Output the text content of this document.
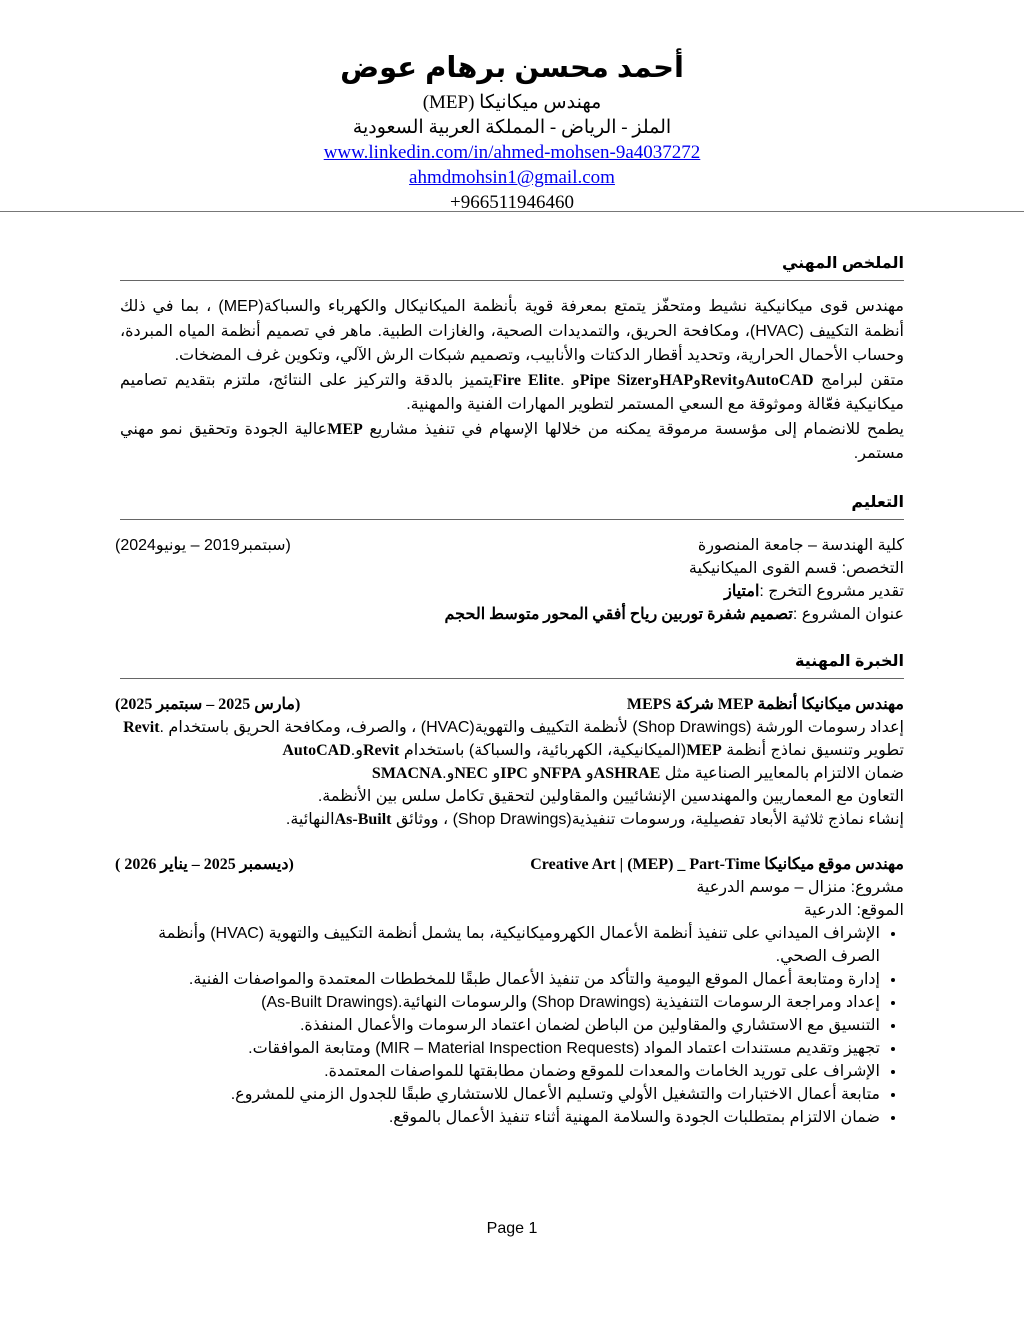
أحمد محسن برهام عوض
مهندس ميكانيكا (MEP)
الملز - الرياض - المملكة العربية السعودية
www.linkedin.com/in/ahmed-mohsen-9a4037272
ahmdmohsin1@gmail.com
+966511946460
الملخص المهني
مهندس قوى ميكانيكية نشيط ومتحفّز يتمتع بمعرفة قوية بأنظمة الميكانيكال والكهرباء والسباكة(MEP) ، بما في ذلك أنظمة التكييف (HVAC)، ومكافحة الحريق، والتمديدات الصحية، والغازات الطبية. ماهر في تصميم أنظمة المياه المبردة، وحساب الأحمال الحرارية، وتحديد أقطار الدكتات والأنابيب، وتصميم شبكات الرش الآلي، وتكوين غرف المضخات.
متقن لبرامج AutoCADوRevitوHAPوPipe Sizerو .Fire Eliteيتميز بالدقة والتركيز على النتائج، ملتزم بتقديم تصاميم ميكانيكية فعّالة وموثوقة مع السعي المستمر لتطوير المهارات الفنية والمهنية.
يطمح للانضمام إلى مؤسسة مرموقة يمكنه من خلالها الإسهام في تنفيذ مشاريع MEPعالية الجودة وتحقيق نمو مهني مستمر.
التعليم
كلية الهندسة – جامعة المنصورة
(سبتمبر2019 – يونيو2024)
التخصص: قسم القوى الميكانيكية
تقدير مشروع التخرج :امتياز
عنوان المشروع :تصميم شفرة توربين رياح أفقي المحور متوسط الحجم
الخبرة المهنية
مهندس ميكانيكا أنظمة MEP شركة MEPS
(مارس 2025 – سبتمبر 2025)
إعداد رسومات الورشة (Shop Drawings) لأنظمة التكييف والتهوية(HVAC) ، والصرف، ومكافحة الحريق باستخدام .Revit
تطوير وتنسيق نماذج أنظمة MEP(الميكانيكية، الكهربائية، والسباكة) باستخدام Revitو.AutoCAD
ضمان الالتزام بالمعايير الصناعية مثل ASHRAEو NFPAو IPCو NECو.SMACNA
التعاون مع المعماريين والمهندسين الإنشائيين والمقاولين لتحقيق تكامل سلس بين الأنظمة.
إنشاء نماذج ثلاثية الأبعاد تفصيلية، ورسومات تنفيذية(Shop Drawings) ، ووثائق As-Builtالنهائية.
مهندس موقع ميكانيكا Creative Art | (MEP) _ Part-Time
(ديسمبر 2025 – يناير 2026 )
مشروع: منزال – موسم الدرعية
الموقع: الدرعية
• الإشراف الميداني على تنفيذ أنظمة الأعمال الكهروميكانيكية، بما يشمل أنظمة التكييف والتهوية (HVAC) وأنظمة الصرف الصحي.
• إدارة ومتابعة أعمال الموقع اليومية والتأكد من تنفيذ الأعمال طبقًا للمخططات المعتمدة والمواصفات الفنية.
• إعداد ومراجعة الرسومات التنفيذية (Shop Drawings) والرسومات النهائية.(As-Built Drawings)
• التنسيق مع الاستشاري والمقاولين من الباطن لضمان اعتماد الرسومات والأعمال المنفذة.
• تجهيز وتقديم مستندات اعتماد المواد (MIR – Material Inspection Requests) ومتابعة الموافقات.
• الإشراف على توريد الخامات والمعدات للموقع وضمان مطابقتها للمواصفات المعتمدة.
• متابعة أعمال الاختبارات والتشغيل الأولي وتسليم الأعمال للاستشاري طبقًا للجدول الزمني للمشروع.
• ضمان الالتزام بمتطلبات الجودة والسلامة المهنية أثناء تنفيذ الأعمال بالموقع.
Page 1
